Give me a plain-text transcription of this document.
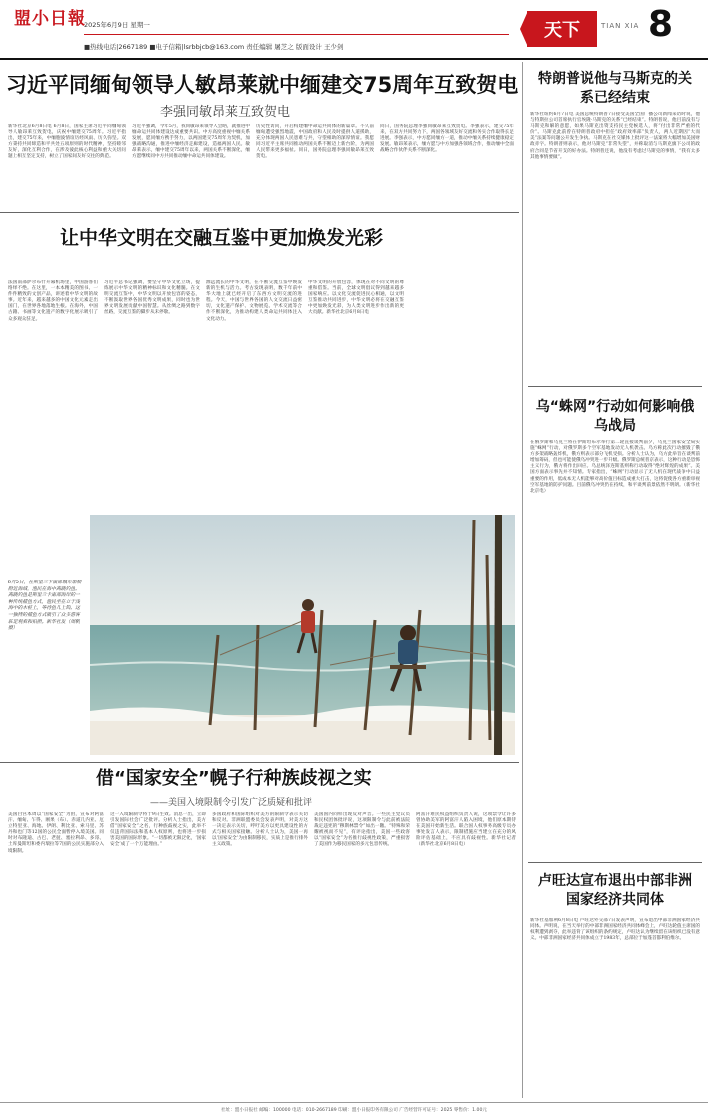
盟小日報
2025年6月9日 星期一
■热线电话|2667189 ■电子信箱|lsrbbjcb@163.com 责任编辑 屠芝之 版面设计 王少剑
天下	TIAN XIA 8
习近平同缅甸领导人敏昂莱就中缅建交75周年互致贺电
李强同敏昂莱互致贺电
新华社北京6月8日电 6月8日，国家主席习近平同缅甸领导人敏昂莱互致贺电，庆祝中缅建交75周年。习近平指出，建交75年来，中缅胞波情谊历经风雨、历久弥坚。双方秉持共同缔造和平共处五项原则的时代精神，坚持睦邻友好，深化互利合作，在涉及彼此核心利益和重大关切问题上相互坚定支持，树立了国家间友好交往的典范。
习近平强调，今年5月，我同敏昂莱领导人会晤，就推进中缅命运共同体建设达成重要共识。中方高度重视中缅关系发展，愿同缅方携手努力，以两国建交75周年为契机，加强战略沟通，推进中缅经济走廊建设，造福两国人民。敏昂莱表示，缅中建交75周年以来，两国关系不断深化，缅方愿继续同中方共同推动缅中命运共同体建设。
历史性访问，开启构建缅中命运共同体的新篇章。不久前缅甸遭受强烈地震，中国政府和人民及时提供人道援助，充分体现两国人民患难与共，守望相助的深厚情谊。我愿同习近平主席共同推动两国关系不断迈上新台阶，为两国人民带来更多福祉。同日，国务院总理李强同敏昂莱互致贺电。
同日，国务院总理李强同敏昂莱互致贺电。李强表示，建交75年来，在双方共同努力下，两国各领域友好交流和务实合作取得长足进展。李强表示，中方愿同缅方一道，推动中缅关系持续健康稳定发展。敏昂莱表示，缅方愿与中方加强各领域合作，推动缅中全面战略合作伙伴关系不断深化。
让中华文明在交融互鉴中更加焕发光彩
法国南部萨尔布什开幕机场里，中国游客们络绎不绝。在这里，一本本精美的图书、一件件精致的文创产品，讲述着中华文明的故事。近年来，越来越多的中国文化元素走出国门，在世界各地落地生根。在海外，中国古籍、书画等文化遗产的数字化展示吸引了众多观众驻足。
习近平总书记强调，要坚守中华文化立场，提炼展示中华文明的精神标识和文化精髓。在文明交流互鉴中，中华文明以开放包容的姿态，不断汲取世界各国优秀文明成果，同时也为世界文明发展贡献中国智慧。从丝绸之路到数字丝路，交流互鉴的脚步从未停歇。
源远流长的中华文明，在不断交流互鉴中焕发新的生机与活力。考古发现表明，数千年前中华大地上就已经开启了东西方文明交流的进程。今天，中国与世界各国的人文交流日益密切，文化遗产保护、文物展览、学术交流等合作不断深化，为推动构建人类命运共同体注入文化动力。
中华文明的开放包容，体现在对不同文明的尊重和借鉴。当前，全球文明倡议得到越来越多国家响应。以文化交流促进民心相通，以文明互鉴推动共同进步，中华文明必将在交融互鉴中更加焕发光彩，为人类文明进步作出新的更大贡献。新华社北京6月8日电
6月5日，在斯里兰卡南部城市加勒附近海域，渔民在海中高跷钓鱼。高跷钓鱼是斯里兰卡南部海岸的一种传统捕鱼方式，渔民坐在立于浅海中的木桩上，等待鱼儿上钩。这一独特的捕鱼方式吸引了众多游客驻足观看和拍照。新华社发（周帆摄）
借“国家安全”幌子行种族歧视之实
——美国入境限制令引发广泛质疑和批评
美国白宫本周以“国家安全”为由，宣布对阿富汗、缅甸、乍得、刚果（布）、赤道几内亚、厄立特里亚、海地、伊朗、利比亚、索马里、苏丹和也门等12国的公民全面暂停入境美国。同时对布隆迪、古巴、老挝、塞拉利昂、多哥、土库曼斯坦和委内瑞拉等7国的公民实施部分入境限制。
这一入境限制令将于9日生效。消息一出，立即引发国际社会广泛批评。分析人士指出，美方借“国家安全”之名，行种族歧视之实，此举不仅违背国际法和基本人权原则，也将进一步损害美国的国际形象。“一切都被无限泛化，‘国家安全’成了一个万能理由。”
多国政府和国际组织对美方的限制令表示关切和反对。非洲联盟委员会发表声明，对美方这一决定表示关切，呼吁美方以更具建设性的方式与相关国家接触。分析人士认为，美国一再以‘国家安全’为由限制移民，实质上是推行排外主义政策。
美国国内同样出现反对声音。一些民主党议员和民权团体批评说，这项限制令与此前被法院裁定违宪的“穆斯林禁令”如出一辙。“特殊和荣耀被视而不见”，有评论指出，美国一些政客以“国家安全”为名推行歧视性政策，严重损害了美国作为移民国家的多元包容传统。
阿富汗难民权益组织负责人说，这项禁令让许多曾协助美军的阿富汗人陷入困境，他们原本期待在美国开始新生活。联合国人权事务高级专员办事处发言人表示，限制措施应当建立在充分的风险评估基础上，不应具有歧视性。新华社记者（新华社北京6月8日电）
特朗普说他与马斯克的关系已经结束
新华社纽约6月7日电 美国总统特朗普7日接受美国全国广播公司新闻采访时说，他与特斯拉公司首席执行官埃隆·马斯克的关系“已经结束”。特朗普说，他目前没有与马斯克和解的意愿，如果马斯克出资支持民主党候选人，将“付出非常严重的代价”。马斯克此前曾在特朗普政府中担任“政府效率部”负责人，两人近期因“大而美”法案等问题公开发生争执。马斯克在社交媒体上批评这一法案将大幅增加美国财政赤字。特朗普则表示，他对马斯克“非常失望”，并称取消与马斯克旗下公司的政府合同是节省开支的好办法。特朗普还说，他没有考虑过马斯克的事情，“我有太多其他事情要做”。
乌“蛛网”行动如何影响俄乌战局
在俄罗斯和乌克兰将在伊斯坦布尔举行第二轮直接谈判前夕，乌克兰国家安全局实施“蛛网”行动，对俄罗斯多个空军基地发动无人机袭击。乌方称此次行动摧毁了俄方多架战略轰炸机，俄方则表示部分飞机受损。分析人士认为，乌方此举旨在谈判前增加筹码，但也可能使俄乌冲突进一步升级。俄罗斯总统普京表示，这种行动是恐怖主义行为，俄方将作出回应。乌总统泽连斯基则称行动取得“绝对辉煌的成果”。美国方面表示事先并不知情。专家指出，“蛛网”行动显示了无人机在现代战争中日益重要的作用，低成本无人机能够对高价值目标造成重大打击，这将促使各方重新审视空军基地的防护问题。目前俄乌冲突仍在持续，和平谈判前景依然不明朗。（新华社北京电）
卢旺达宣布退出中部非洲国家经济共同体
新华社基加利6月8日电 卢旺达外交部7日发表声明，宣布退出中部非洲国家经济共同体。声明说，在当天举行的中部非洲国家经济共同体峰会上，卢旺达轮值主席国的权利遭到剥夺，此举违背了该组织的条约规定，卢旺达认为继续留在该组织已没有意义。中部非洲国家经济共同体成立于1983年，总部位于加蓬首都利伯维尔。
社址：盟小日报社 邮编：100000 电话：010-2667189 印刷：盟小日报印务有限公司 广告经营许可证号：2025 零售价：1.00元
